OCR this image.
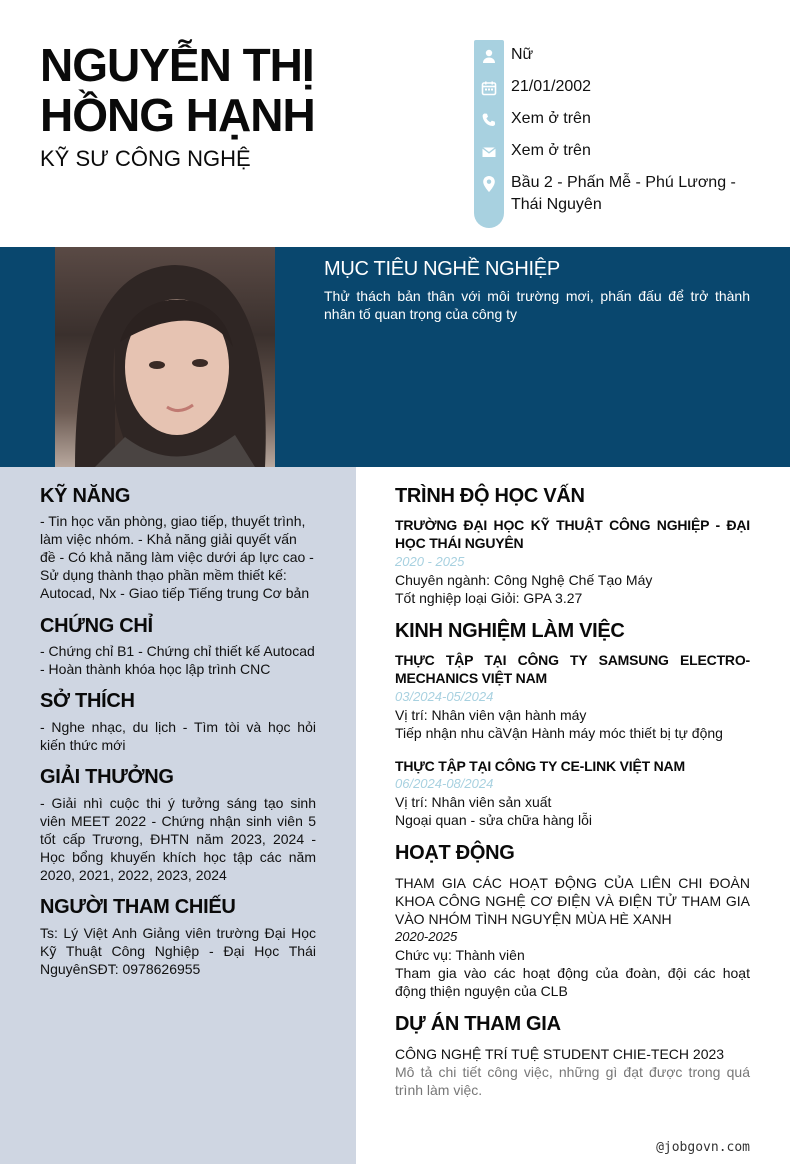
NGUYỄN THỊ HỒNG HẠNH
KỸ SƯ CÔNG NGHỆ
Nữ
21/01/2002
Xem ở trên
Xem ở trên
Bầu 2 - Phấn Mễ - Phú Lương - Thái Nguyên
MỤC TIÊU NGHỀ NGHIỆP

Thử thách bản thân với môi trường mơi, phấn đấu để trở thành nhân tố quan trọng của công ty

KỸ NĂNG

- Tin học văn phòng, giao tiếp, thuyết trình, làm việc nhóm. - Khả năng giải quyết vấn đề - Có khả năng làm việc dưới áp lực cao - Sử dụng thành thạo phần mềm thiết kế: Autocad, Nx - Giao tiếp Tiếng trung Cơ bản

CHỨNG CHỈ

- Chứng chỉ B1 - Chứng chỉ thiết kế Autocad - Hoàn thành khóa học lập trình CNC

SỞ THÍCH

- Nghe nhạc, du lịch - Tìm tòi và học hỏi kiến thức mới

GIẢI THƯỞNG

- Giải nhì cuộc thi ý tưởng sáng tạo sinh viên MEET 2022 - Chứng nhận sinh viên 5 tốt cấp Trương, ĐHTN năm 2023, 2024 - Học bổng khuyến khích học tập các năm 2020, 2021, 2022, 2023, 2024

NGƯỜI THAM CHIẾU

Ts: Lý Việt Anh Giảng viên trường Đại Học Kỹ Thuật Công Nghiệp - Đại Học Thái NguyênSĐT: 0978626955

TRÌNH ĐỘ HỌC VẤN

TRƯỜNG ĐẠI HỌC KỸ THUẬT CÔNG NGHIỆP - ĐẠI HỌC THÁI NGUYÊN

2020 - 2025

Chuyên ngành: Công Nghệ Chế Tạo Máy

Tốt nghiệp loại Giỏi: GPA 3.27

KINH NGHIỆM LÀM VIỆC

THỰC TẬP TẠI CÔNG TY SAMSUNG ELECTRO-MECHANICS VIỆT NAM

03/2024-05/2024

Vị trí: Nhân viên vận hành máy

Tiếp nhận nhu cầVận Hành máy móc thiết bị tự động

THỰC TẬP TẠI CÔNG TY CE-LINK VIỆT NAM

06/2024-08/2024

Vị trí: Nhân viên sản xuất

Ngoại quan - sửa chữa hàng lỗi

HOẠT ĐỘNG

THAM GIA CÁC HOẠT ĐỘNG CỦA LIÊN CHI ĐOÀN KHOA CÔNG NGHỆ CƠ ĐIỆN VÀ ĐIỆN TỬ THAM GIA VÀO NHÓM TÌNH NGUYỆN MÙA HÈ XANH

2020-2025

Chức vụ: Thành viên

Tham gia vào các hoạt động của đoàn, đội các hoạt động thiện nguyện của CLB

DỰ ÁN THAM GIA

CÔNG NGHỆ TRÍ TUỆ STUDENT CHIE-TECH 2023

Mô tả chi tiết công việc, những gì đạt được trong quá trình làm việc.

@jobgovn.com
